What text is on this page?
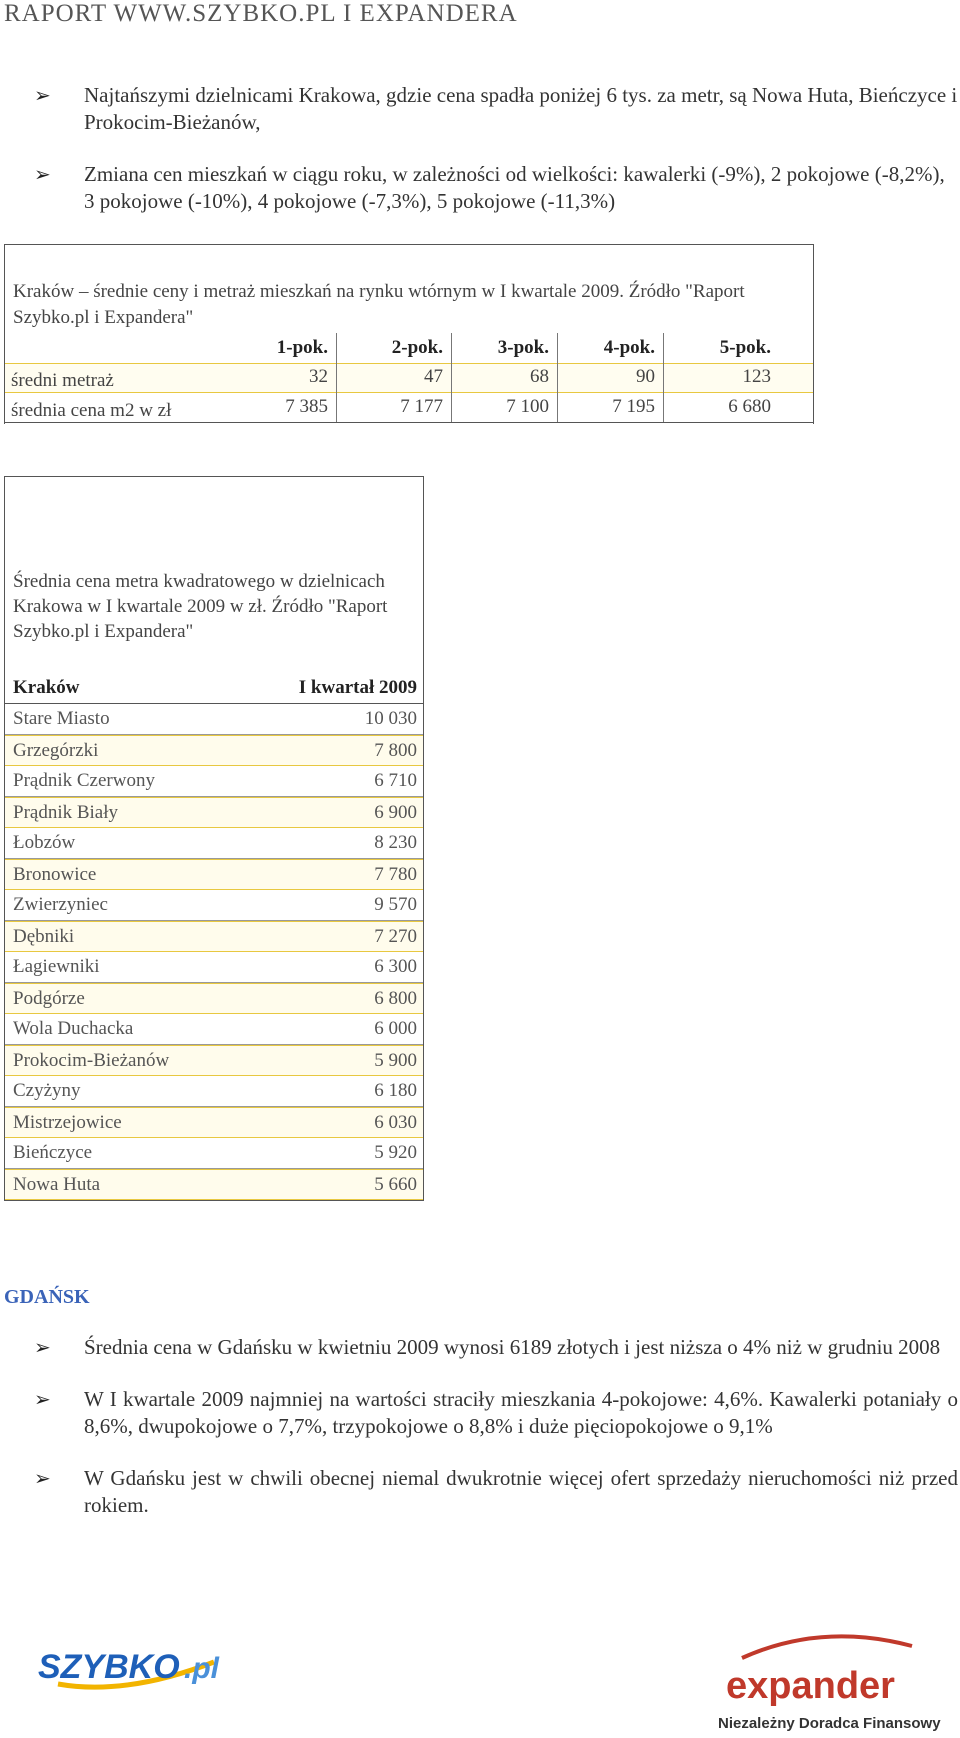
RAPORT WWW.SZYBKO.PL I EXPANDERA
➢ Najtańszymi dzielnicami Krakowa, gdzie cena spadła poniżej 6 tys. za metr, są Nowa Huta, Bieńczyce i Prokocim-Bieżanów,
➢ Zmiana cen mieszkań w ciągu roku, w zależności od wielkości: kawalerki (-9%), 2 pokojowe (-8,2%), 3 pokojowe (-10%), 4 pokojowe (-7,3%), 5 pokojowe (-11,3%)
Kraków – średnie ceny i metraż mieszkań na rynku wtórnym w I kwartale 2009. Źródło "Raport Szybko.pl i Expandera"
1-pok.	2-pok.	3-pok.	4-pok.	5-pok.
średni metraż	32	47	68	90	123
średnia cena m2 w zł	7 385	7 177	7 100	7 195	6 680
Średnia cena metra kwadratowego w dzielnicach Krakowa w I kwartale 2009 w zł. Źródło "Raport Szybko.pl i Expandera"
Kraków	I kwartał 2009
Stare Miasto	10 030
Grzegórzki	7 800
Prądnik Czerwony	6 710
Prądnik Biały	6 900
Łobzów	8 230
Bronowice	7 780
Zwierzyniec	9 570
Dębniki	7 270
Łagiewniki	6 300
Podgórze	6 800
Wola Duchacka	6 000
Prokocim-Bieżanów	5 900
Czyżyny	6 180
Mistrzejowice	6 030
Bieńczyce	5 920
Nowa Huta	5 660
GDAŃSK
➢ Średnia cena w Gdańsku w kwietniu 2009 wynosi 6189 złotych i jest niższa o 4% niż w grudniu 2008
➢ W I kwartale 2009 najmniej na wartości straciły mieszkania 4-pokojowe: 4,6%. Kawalerki potaniały o 8,6%, dwupokojowe o 7,7%, trzypokojowe o 8,8% i duże pięciopokojowe o 9,1%
➢ W Gdańsku jest w chwili obecnej niemal dwukrotnie więcej ofert sprzedaży nieruchomości niż przed rokiem.
SZYBKO .pl	expander
Niezależny Doradca Finansowy
